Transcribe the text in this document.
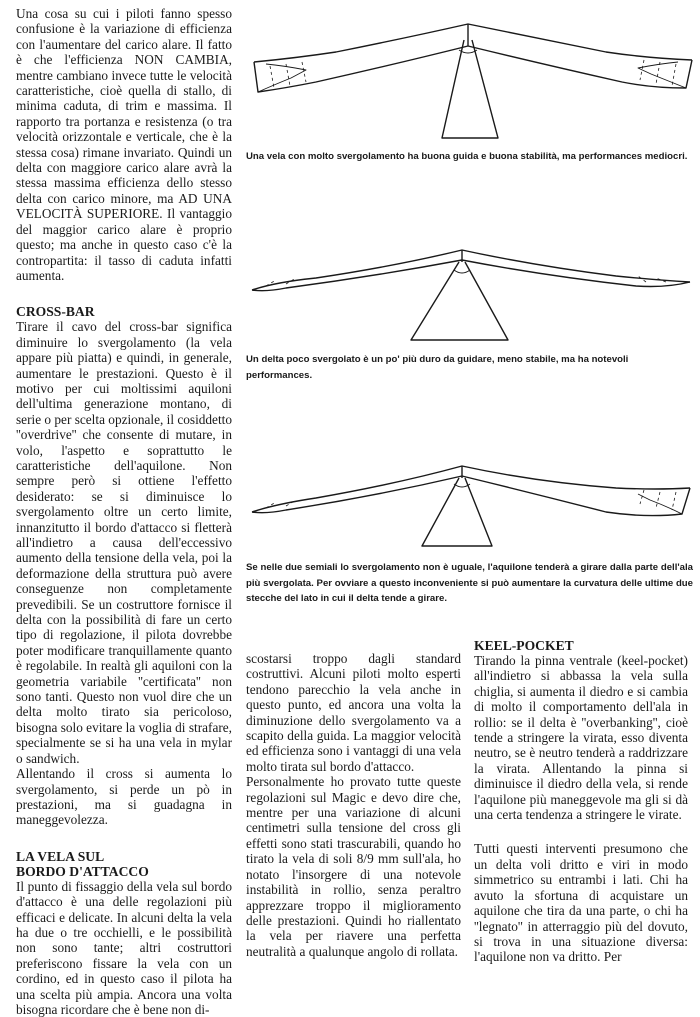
Una cosa su cui i piloti fanno spesso confusione è la variazione di efficienza con l'aumentare del carico alare. Il fatto è che l'efficienza NON CAMBIA, mentre cambiano invece tutte le velocità caratteristiche, cioè quella di stallo, di minima caduta, di trim e massima. Il rapporto tra portanza e resistenza (o tra velocità orizzontale e verticale, che è la stessa cosa) rimane invariato. Quindi un delta con maggiore carico alare avrà la stessa massima efficienza dello stesso delta con carico minore, ma AD UNA VELOCITÀ SUPERIORE. Il vantaggio del maggior carico alare è proprio questo; ma anche in questo caso c'è la contropartita: il tasso di caduta infatti aumenta.

CROSS-BAR

Tirare il cavo del cross-bar significa diminuire lo svergolamento (la vela appare più piatta) e quindi, in generale, aumentare le prestazioni. Questo è il motivo per cui moltissimi aquiloni dell'ultima generazione montano, di serie o per scelta opzionale, il cosiddetto ''overdrive'' che consente di mutare, in volo, l'aspetto e soprattutto le caratteristiche dell'aquilone. Non sempre però si ottiene l'effetto desiderato: se si diminuisce lo svergolamento oltre un certo limite, innanzitutto il bordo d'attacco si fletterà all'indietro a causa dell'eccessivo aumento della tensione della vela, poi la deformazione della struttura può avere conseguenze non completamente prevedibili. Se un costruttore fornisce il delta con la possibilità di fare un certo tipo di regolazione, il pilota dovrebbe poter modificare tranquillamente quanto è regolabile. In realtà gli aquiloni con la geometria variabile ''certificata'' non sono tanti. Questo non vuol dire che un delta molto tirato sia pericoloso, bisogna solo evitare la voglia di strafare, specialmente se si ha una vela in mylar o sandwich.

Allentando il cross si aumenta lo svergolamento, si perde un pò in prestazioni, ma si guadagna in maneggevolezza.

LA VELA SUL
BORDO D'ATTACCO

Il punto di fissaggio della vela sul bordo d'attacco è una delle regolazioni più efficaci e delicate. In alcuni delta la vela ha due o tre occhielli, e le possibilità non sono tante; altri costruttori preferiscono fissare la vela con un cordino, ed in questo caso il pilota ha una scelta più ampia. Ancora una volta bisogna ricordare che è bene non di-

Una vela con molto svergolamento ha buona guida e buona stabilità, ma performances mediocri.
Un delta poco svergolato è un po' più duro da guidare, meno stabile, ma ha notevoli performances.
Se nelle due semiali lo svergolamento non è uguale, l'aquilone tenderà a girare dalla parte dell'ala più svergolata. Per ovviare a questo inconveniente si può aumentare la curvatura delle ultime due stecche del lato in cui il delta tende a girare.

scostarsi troppo dagli standard costruttivi. Alcuni piloti molto esperti tendono parecchio la vela anche in questo punto, ed ancora una volta la diminuzione dello svergolamento va a scapito della guida. La maggior velocità ed efficienza sono i vantaggi di una vela molto tirata sul bordo d'attacco.

Personalmente ho provato tutte queste regolazioni sul Magic e devo dire che, mentre per una variazione di alcuni centimetri sulla tensione del cross gli effetti sono stati trascurabili, quando ho tirato la vela di soli 8/9 mm sull'ala, ho notato l'insorgere di una notevole instabilità in rollio, senza peraltro apprezzare troppo il miglioramento delle prestazioni. Quindi ho riallentato la vela per riavere una perfetta neutralità a qualunque angolo di rollata.

KEEL-POCKET

Tirando la pinna ventrale (keel-pocket) all'indietro si abbassa la vela sulla chiglia, si aumenta il diedro e si cambia di molto il comportamento dell'ala in rollio: se il delta è ''overbanking'', cioè tende a stringere la virata, esso diventa neutro, se è neutro tenderà a raddrizzare la virata. Allentando la pinna si diminuisce il diedro della vela, si rende l'aquilone più maneggevole ma gli si dà una certa tendenza a stringere le virate.

Tutti questi interventi presumono che un delta voli dritto e viri in modo simmetrico su entrambi i lati. Chi ha avuto la sfortuna di acquistare un aquilone che tira da una parte, o chi ha ''legnato'' in atterraggio più del dovuto, si trova in una situazione diversa: l'aquilone non va dritto. Per
